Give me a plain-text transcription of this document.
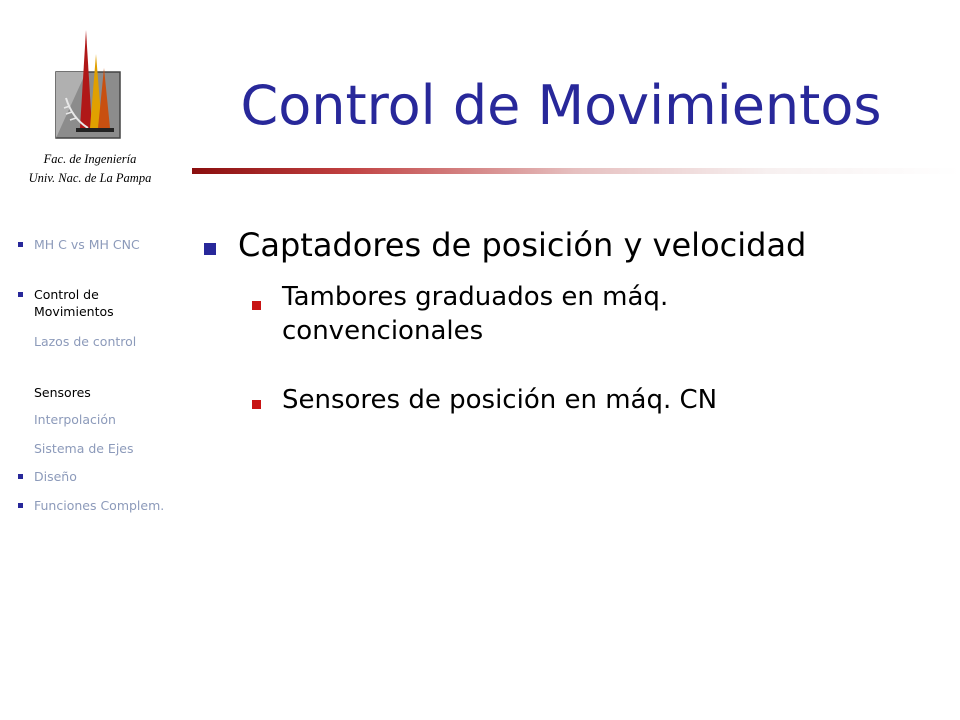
Fac. de Ingeniería
Univ. Nac. de La Pampa
Control de Movimientos
MH C vs MH CNC
Control de Movimientos
Lazos de control
Sensores
Interpolación
Sistema de Ejes
Diseño
Funciones Complem.
Captadores de posición y velocidad
Tambores graduados en máq. convencionales
Sensores de posición en máq. CN
